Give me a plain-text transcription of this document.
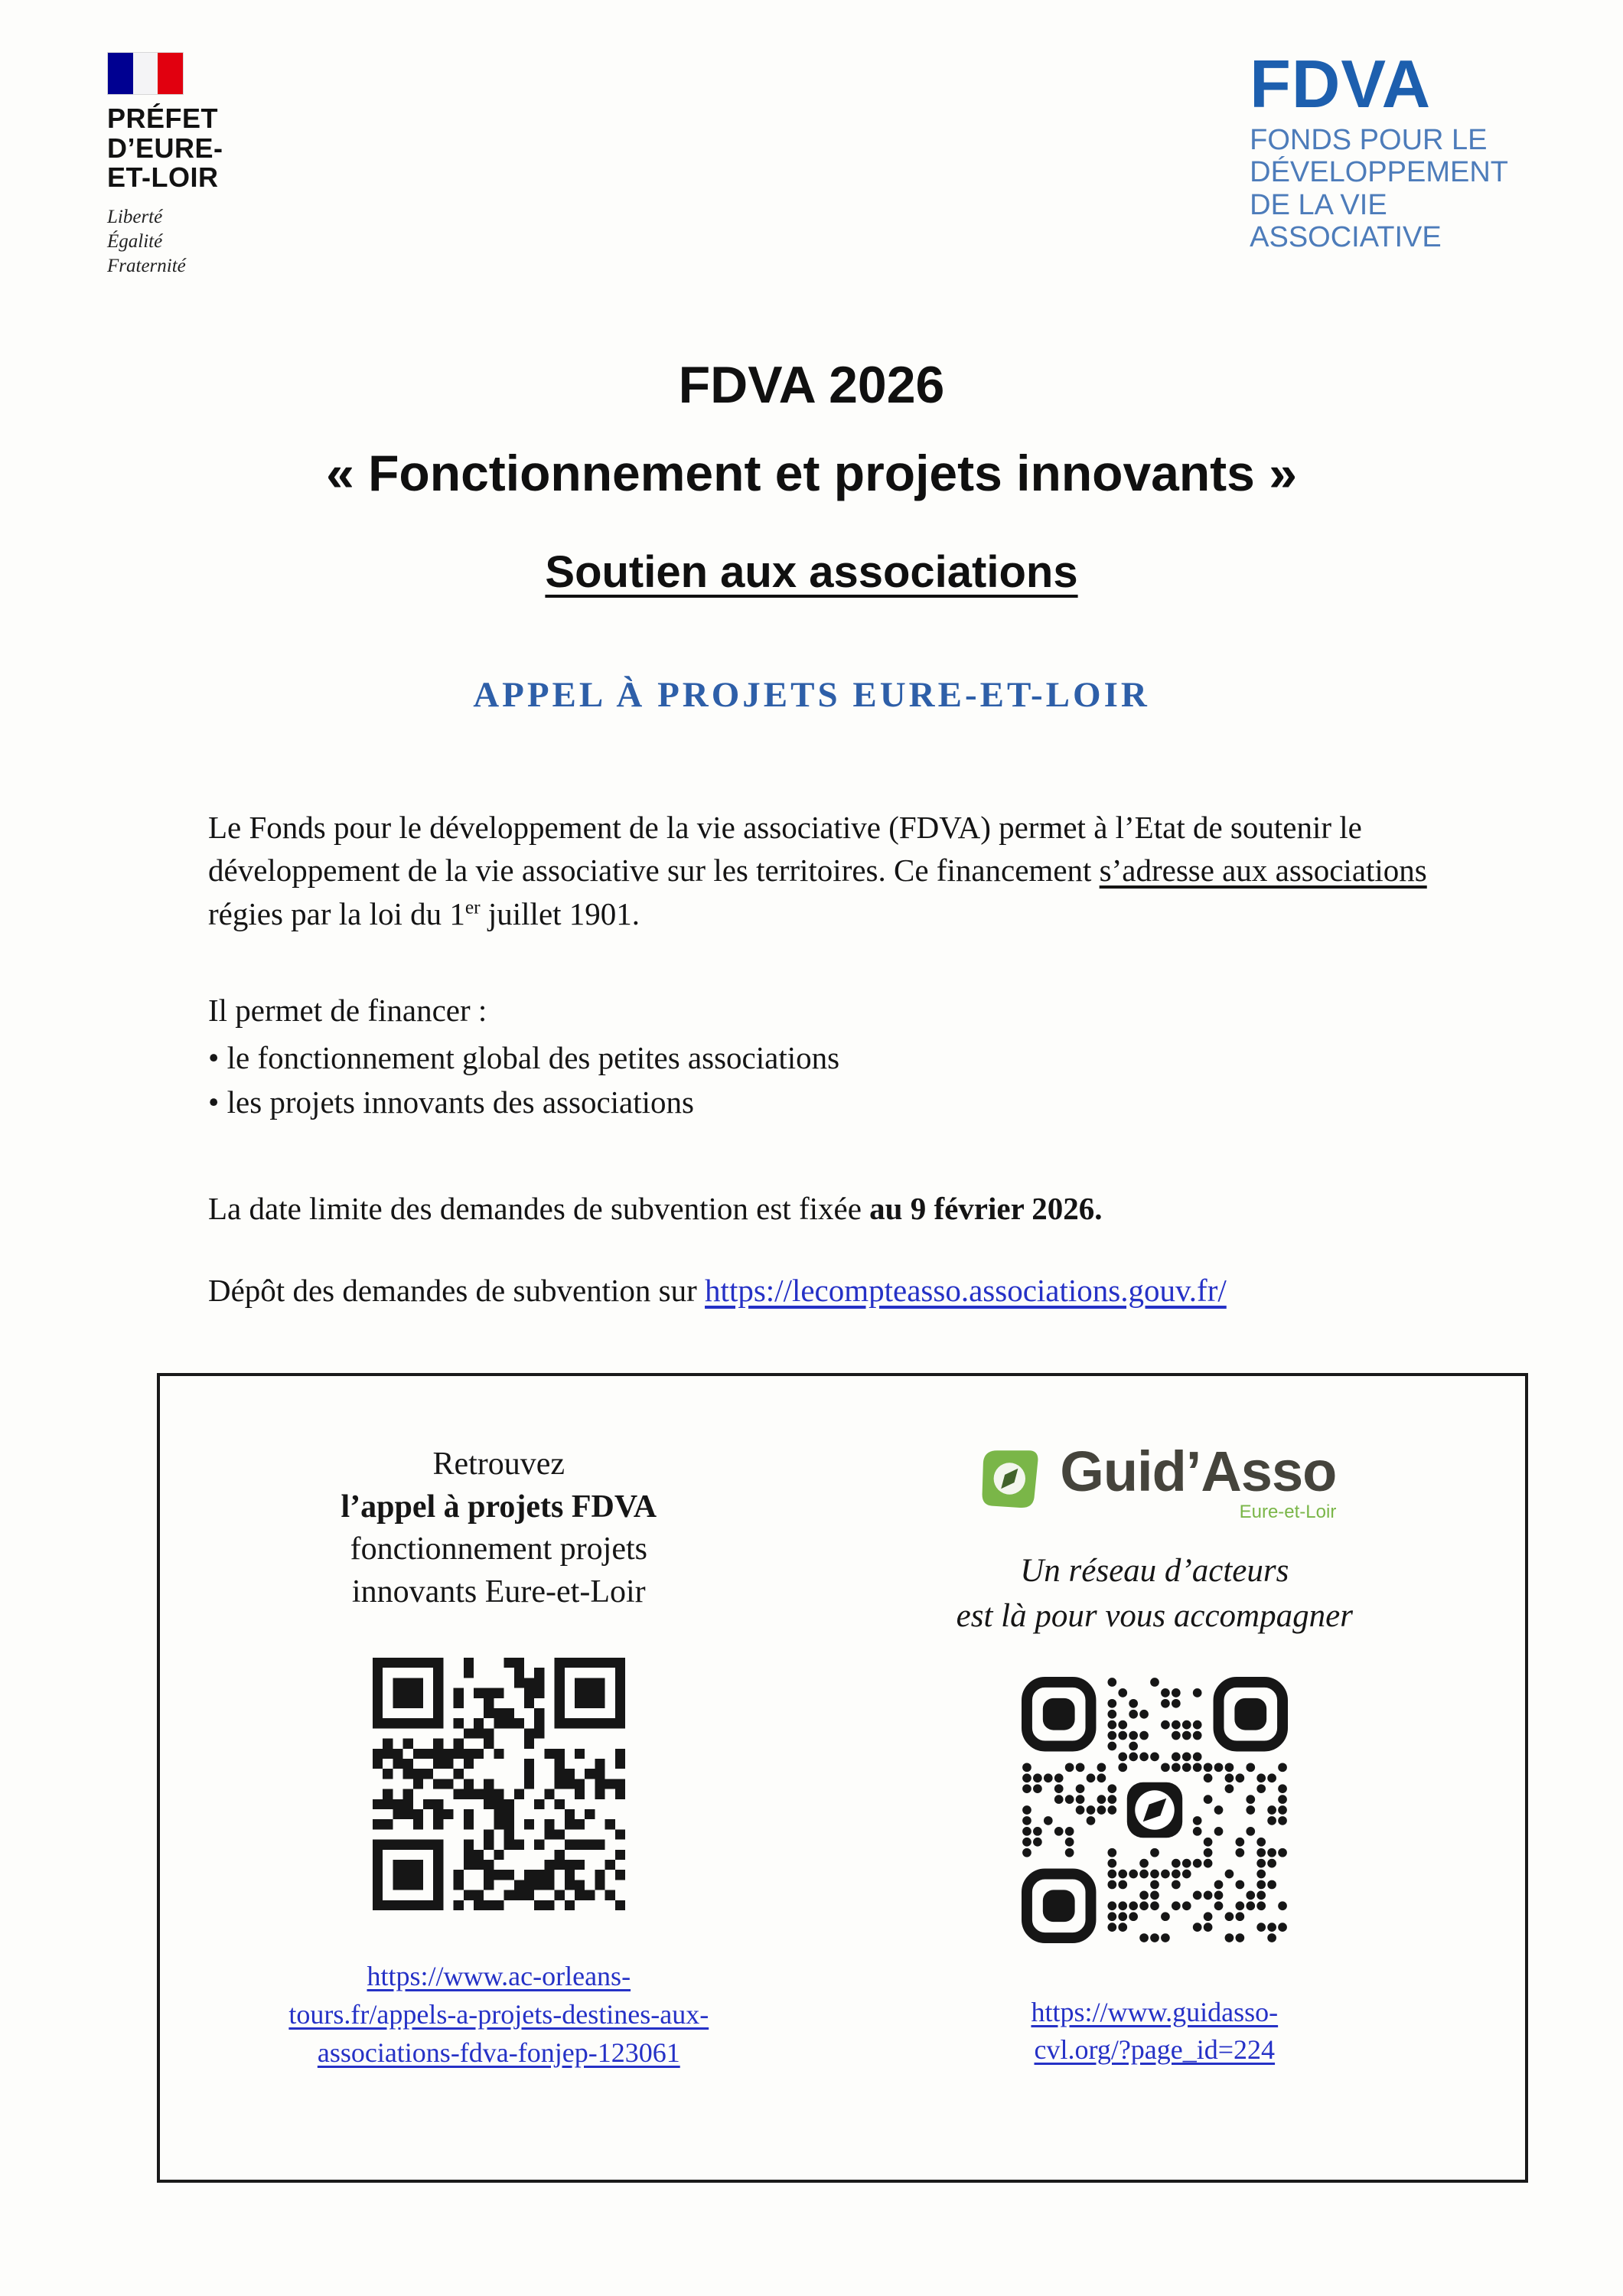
PRÉFET
D’EURE-
ET-LOIR
Liberté
Égalité
Fraternité
FDVA
FONDS POUR LE
DÉVELOPPEMENT
DE LA VIE
ASSOCIATIVE
FDVA 2026
« Fonctionnement et projets innovants »
Soutien aux associations
APPEL À PROJETS EURE-ET-LOIR

Le Fonds pour le développement de la vie associative (FDVA) permet à l’Etat de soutenir le développement de la vie associative sur les territoires. Ce financement s’adresse aux associations régies par la loi du 1er juillet 1901.

Il permet de financer :

• le fonctionnement global des petites associations
• les projets innovants des associations

La date limite des demandes de subvention est fixée au 9 février 2026.

Dépôt des demandes de subvention sur https://lecompteasso.associations.gouv.fr/

Retrouvez
l’appel à projets FDVA
fonctionnement projets
innovants Eure-et-Loir
https://www.ac-orleans-
tours.fr/appels-a-projets-destines-aux-
associations-fdva-fonjep-123061
Guid’Asso
Eure-et-Loir
Un réseau d’acteurs
est là pour vous accompagner
https://www.guidasso-
cvl.org/?page_id=224
